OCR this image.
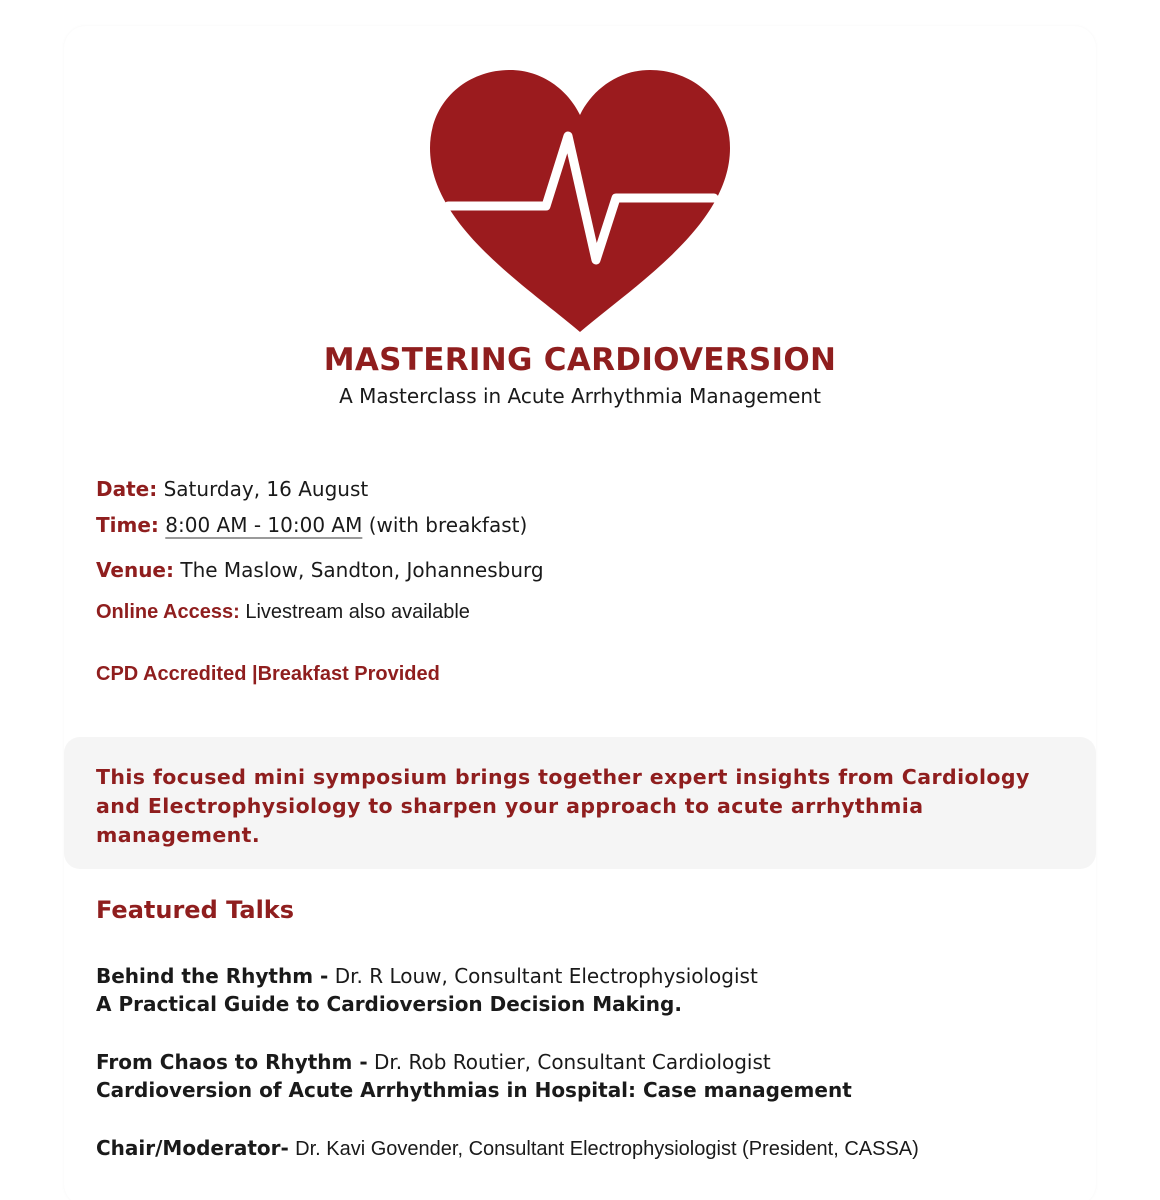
MASTERING CARDIOVERSION
A Masterclass in Acute Arrhythmia Management
Date: Saturday, 16 August
Time: 8:00 AM - 10:00 AM (with breakfast)
Venue: The Maslow, Sandton, Johannesburg
Online Access: Livestream also available
CPD Accredited |Breakfast Provided
This focused mini symposium brings together expert insights from Cardiology and Electrophysiology to sharpen your approach to acute arrhythmia management.
Featured Talks
Behind the Rhythm - Dr. R Louw, Consultant Electrophysiologist
A Practical Guide to Cardioversion Decision Making.
From Chaos to Rhythm - Dr. Rob Routier, Consultant Cardiologist
Cardioversion of Acute Arrhythmias in Hospital: Case management
Chair/Moderator- Dr. Kavi Govender, Consultant Electrophysiologist (President, CASSA)
